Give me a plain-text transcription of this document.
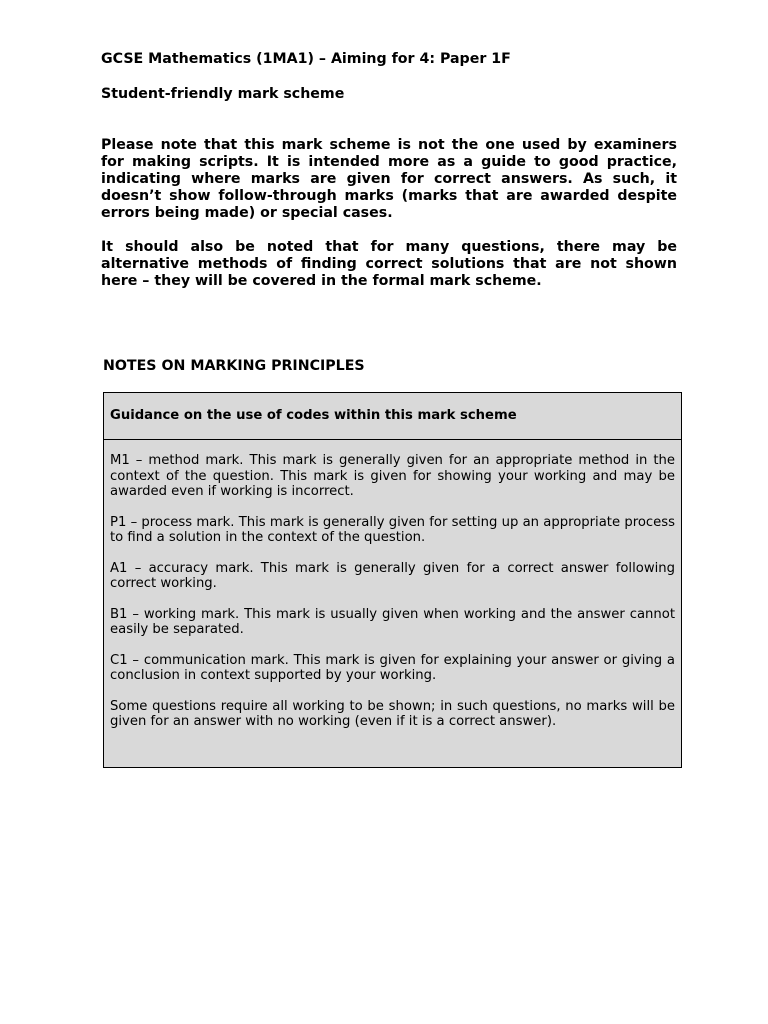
GCSE Mathematics (1MA1) – Aiming for 4: Paper 1F

Student-friendly mark scheme

Please note that this mark scheme is not the one used by examiners for making scripts. It is intended more as a guide to good practice, indicating where marks are given for correct answers. As such, it doesn’t show follow-through marks (marks that are awarded despite errors being made) or special cases.

It should also be noted that for many questions, there may be alternative methods of finding correct solutions that are not shown here – they will be covered in the formal mark scheme.

NOTES ON MARKING PRINCIPLES

Guidance on the use of codes within this mark scheme

M1 – method mark. This mark is generally given for an appropriate method in the context of the question. This mark is given for showing your working and may be awarded even if working is incorrect.

P1 – process mark. This mark is generally given for setting up an appropriate process to find a solution in the context of the question.

A1 – accuracy mark. This mark is generally given for a correct answer following correct working.

B1 – working mark. This mark is usually given when working and the answer cannot easily be separated.

C1 – communication mark. This mark is given for explaining your answer or giving a conclusion in context supported by your working.

Some questions require all working to be shown; in such questions, no marks will be given for an answer with no working (even if it is a correct answer).
